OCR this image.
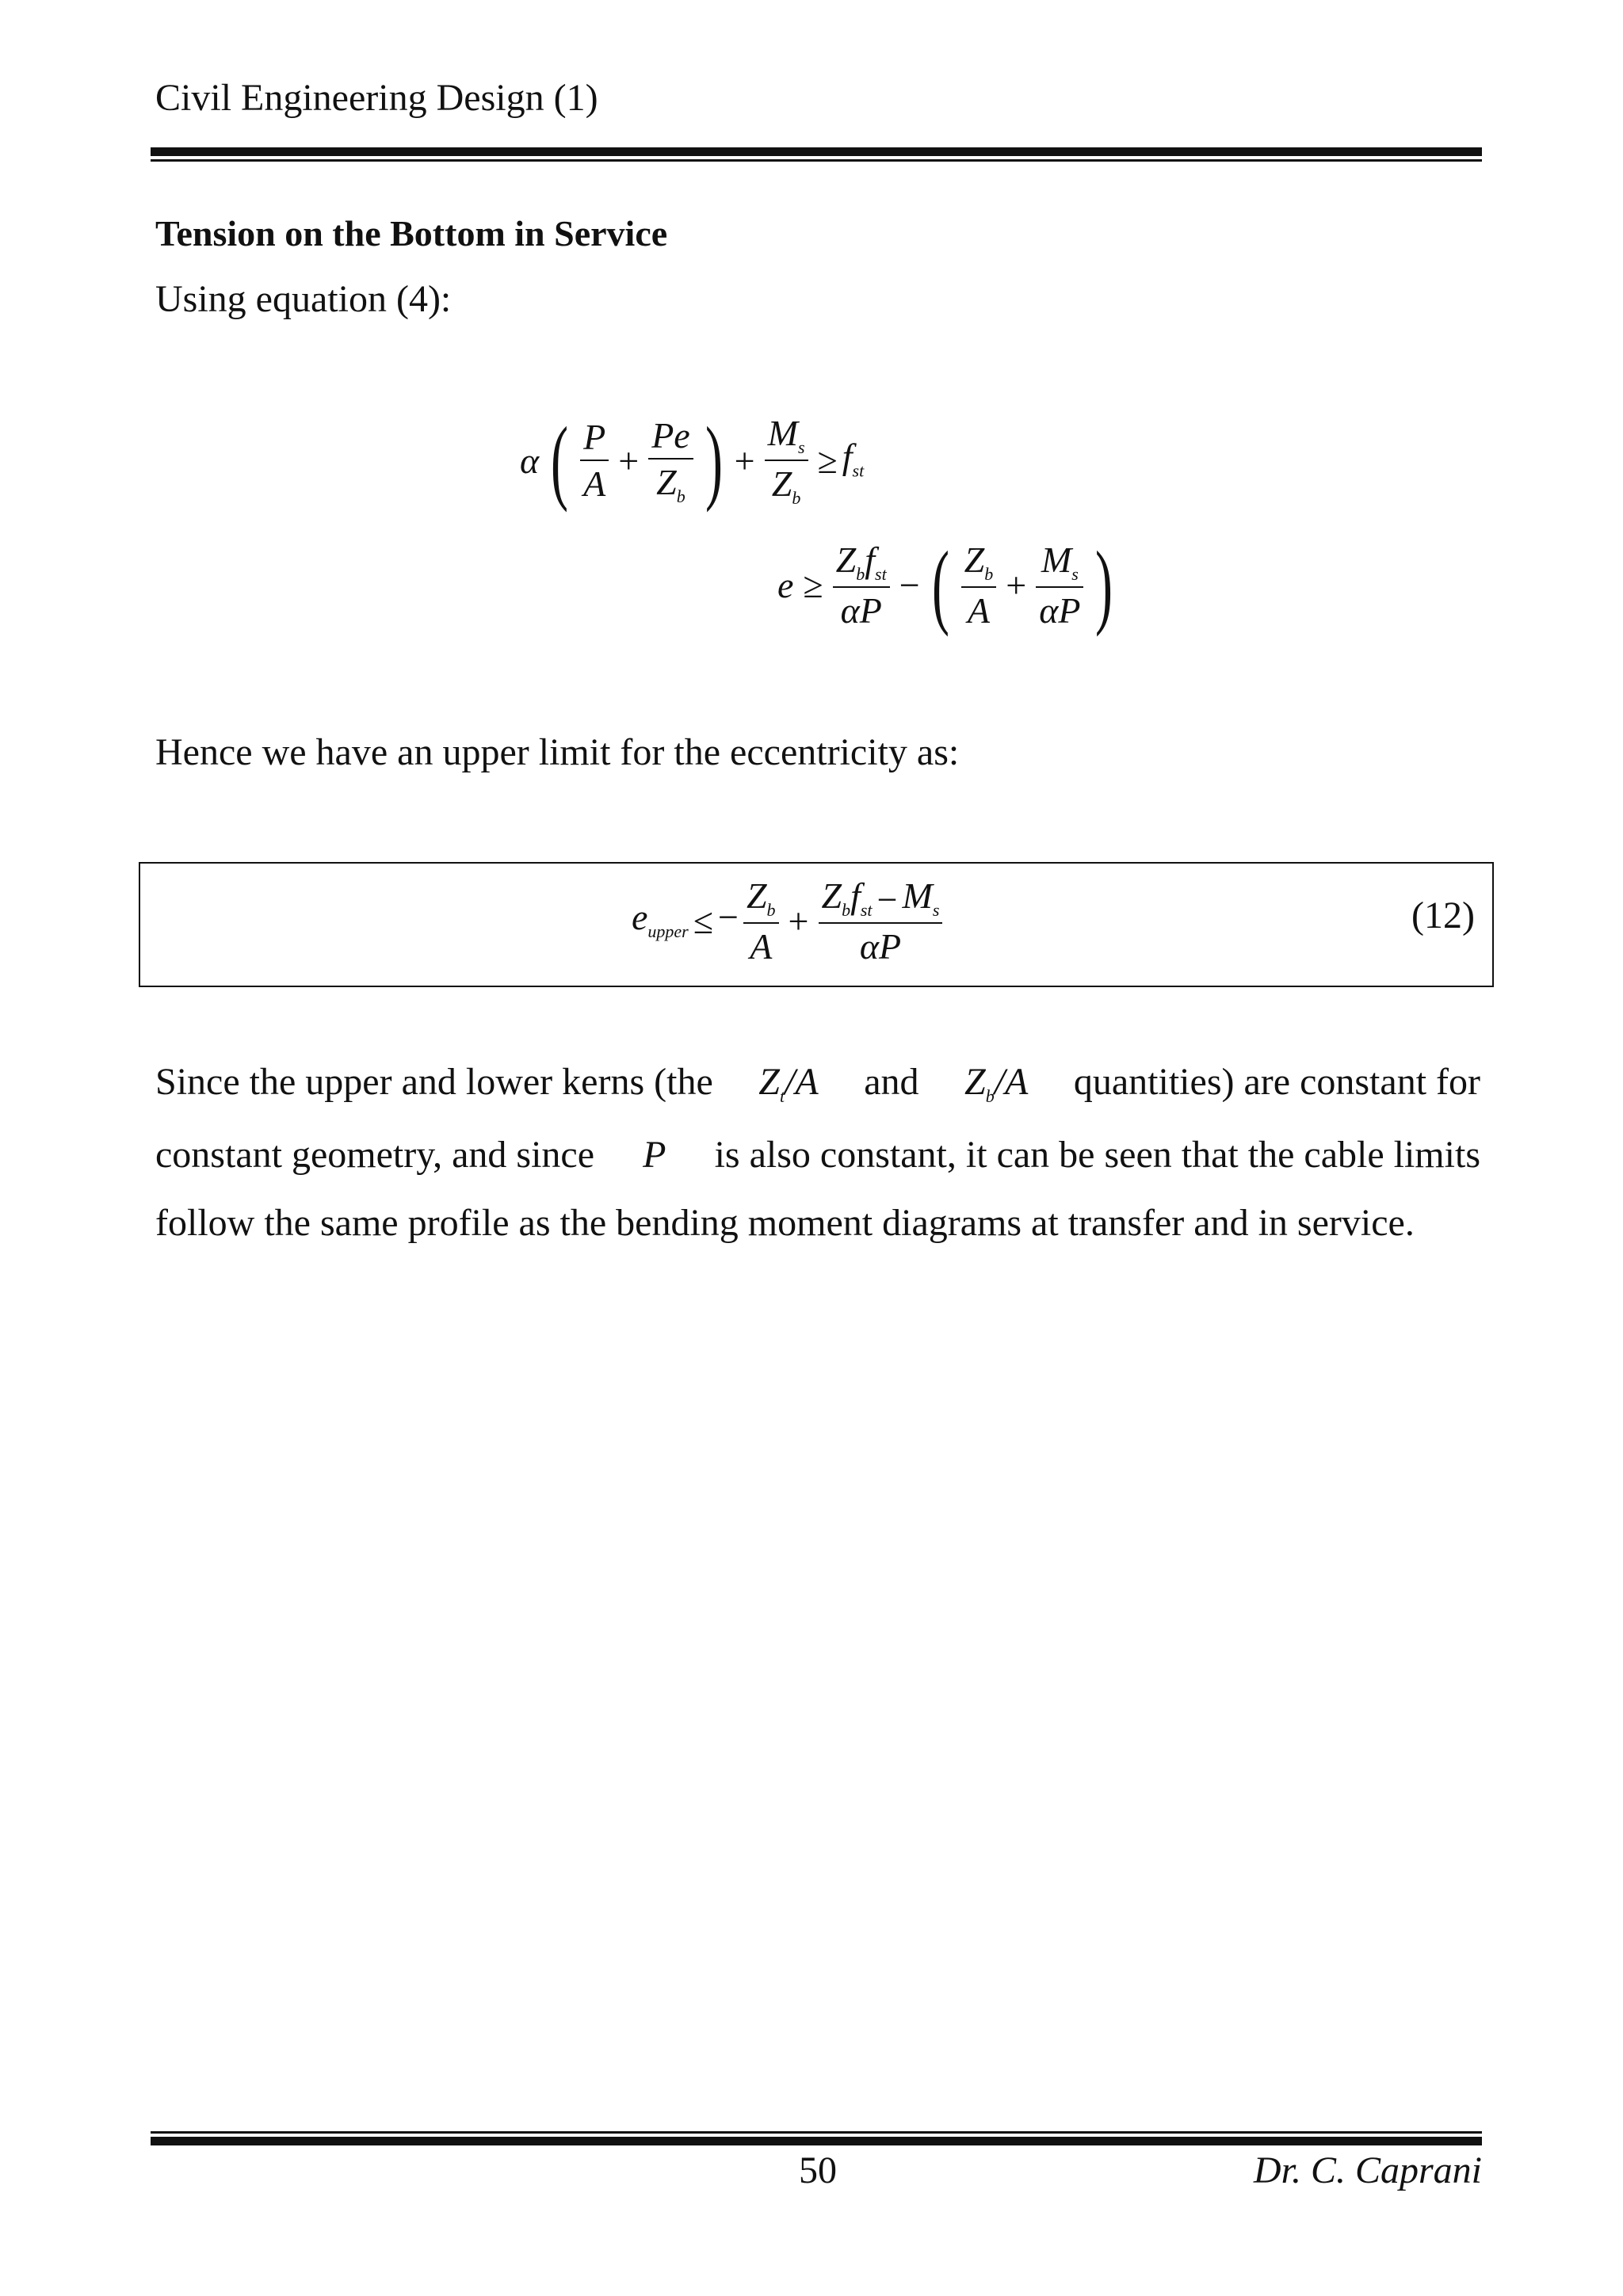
Civil Engineering Design (1)
Tension on the Bottom in Service
Using equation (4):
α ( $\frac{P}{A} + \frac{Pe}{Z_b}$ ) + $\frac{M_s}{Z_b} \ge f_{st}$
$e \ge \frac{Z_bf_{st}}{\alpha P}$ − ( $\frac{Z_b}{A} + \frac{M_s}{\alpha P}$ )
Hence we have an upper limit for the eccentricity as:
$e_{upper}$ ≤ − $\frac{Z_b}{A} + \frac{Z_bf_{st} - M_s}{\alpha P}$	(12)
Since the upper and lower kerns (the $Z_t/A$ and $Z_b/A$ quantities) are constant for
constant geometry, and since P is also constant, it can be seen that the cable limits
follow the same profile as the bending moment diagrams at transfer and in service.
50	Dr. C. Caprani
